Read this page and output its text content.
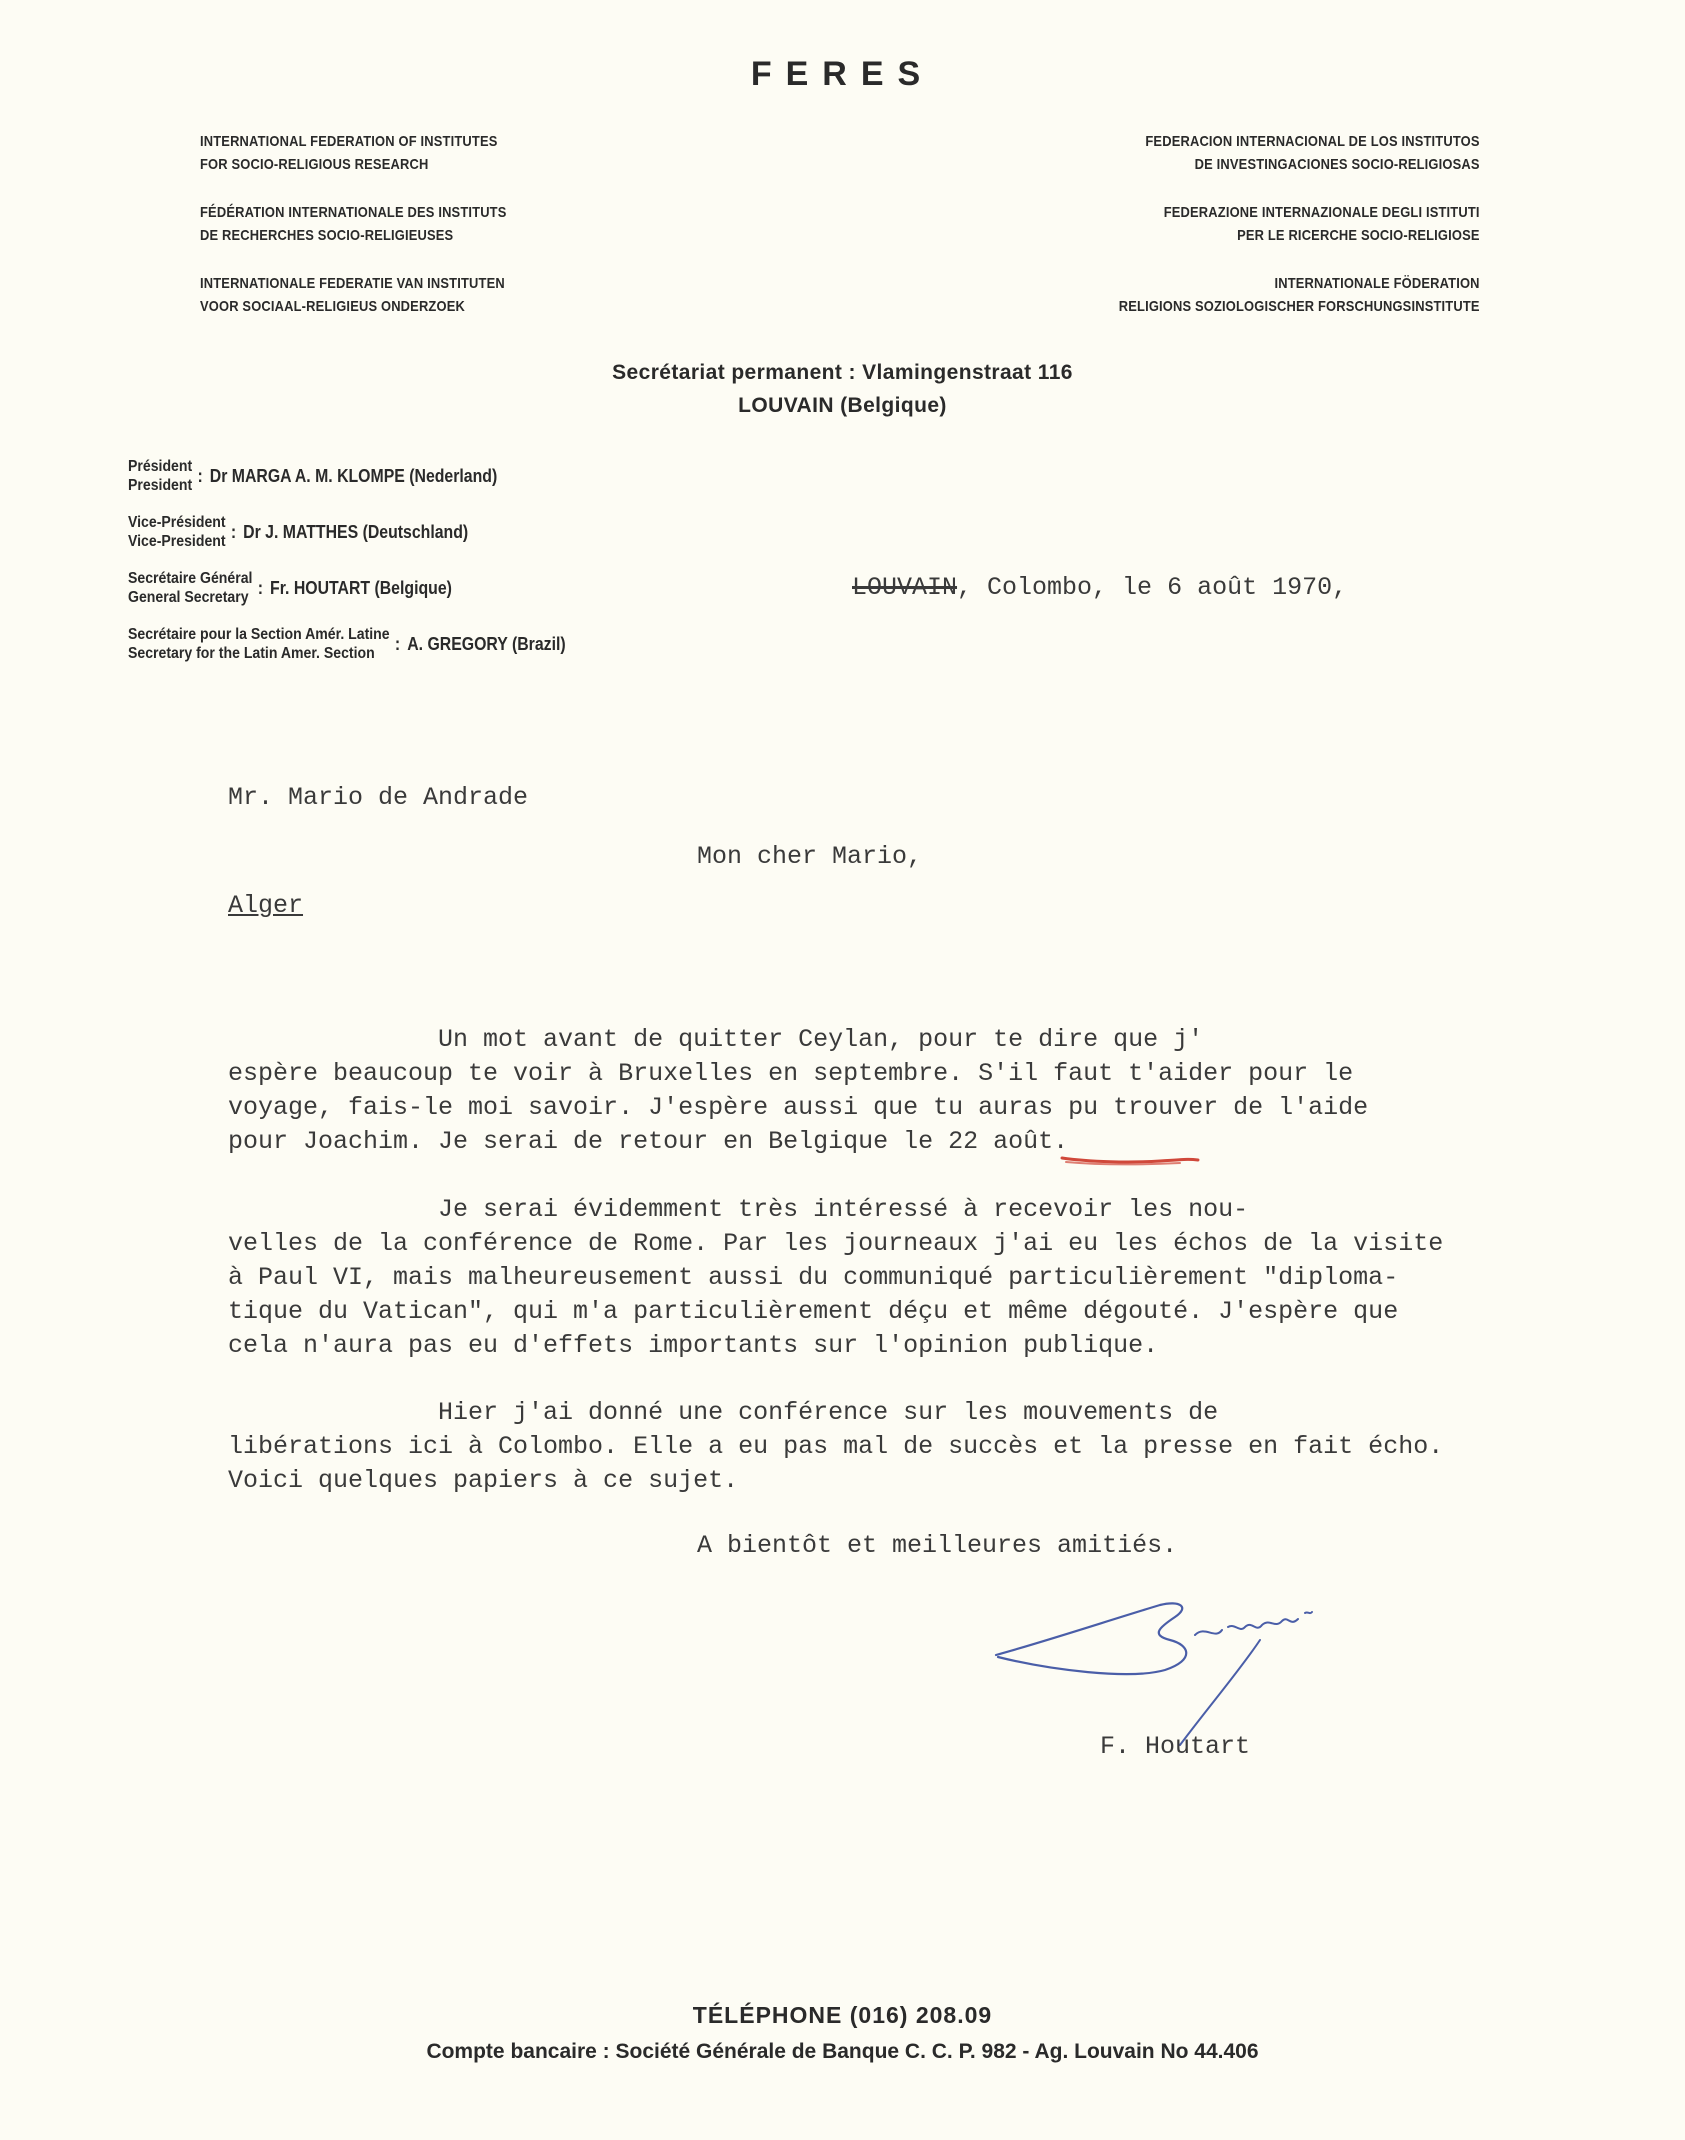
FERES
INTERNATIONAL FEDERATION OF INSTITUTES
FOR SOCIO-RELIGIOUS RESEARCH
FÉDÉRATION INTERNATIONALE DES INSTITUTS
DE RECHERCHES SOCIO-RELIGIEUSES
INTERNATIONALE FEDERATIE VAN INSTITUTEN
VOOR SOCIAAL-RELIGIEUS ONDERZOEK
FEDERACION INTERNACIONAL DE LOS INSTITUTOS
DE INVESTINGACIONES SOCIO-RELIGIOSAS
FEDERAZIONE INTERNAZIONALE DEGLI ISTITUTI
PER LE RICERCHE SOCIO-RELIGIOSE
INTERNATIONALE FÖDERATION
RELIGIONS SOZIOLOGISCHER FORSCHUNGSINSTITUTE
Secrétariat permanent : Vlamingenstraat 116
LOUVAIN (Belgique)
Président
President : Dr MARGA A. M. KLOMPE (Nederland)
Vice-Président
Vice-President : Dr J. MATTHES (Deutschland)
Secrétaire Général
General Secretary : Fr. HOUTART (Belgique)
Secrétaire pour la Section Amér. Latine
Secretary for the Latin Amer. Section	: A. GREGORY (Brazil)
LOUVAIN, Colombo, le 6 août 1970,

Mr. Mario de Andrade

Alger

Mon cher Mario,
Un mot avant de quitter Ceylan, pour te dire que j'
espère beaucoup te voir à Bruxelles en septembre. S'il faut t'aider pour le
voyage, fais-le moi savoir. J'espère aussi que tu auras pu trouver de l'aide
pour Joachim. Je serai de retour en Belgique le 22 août.
Je serai évidemment très intéressé à recevoir les nou-
velles de la conférence de Rome. Par les journeaux j'ai eu les échos de la visite
à Paul VI, mais malheureusement aussi du communiqué particulièrement "diploma-
tique du Vatican", qui m'a particulièrement déçu et même dégouté. J'espère que
cela n'aura pas eu d'effets importants sur l'opinion publique.
Hier j'ai donné une conférence sur les mouvements de
libérations ici à Colombo. Elle a eu pas mal de succès et la presse en fait écho.
Voici quelques papiers à ce sujet.
A bientôt et meilleures amitiés.
F. Houtart
TÉLÉPHONE (016) 208.09
Compte bancaire : Société Générale de Banque C. C. P. 982 - Ag. Louvain No 44.406
